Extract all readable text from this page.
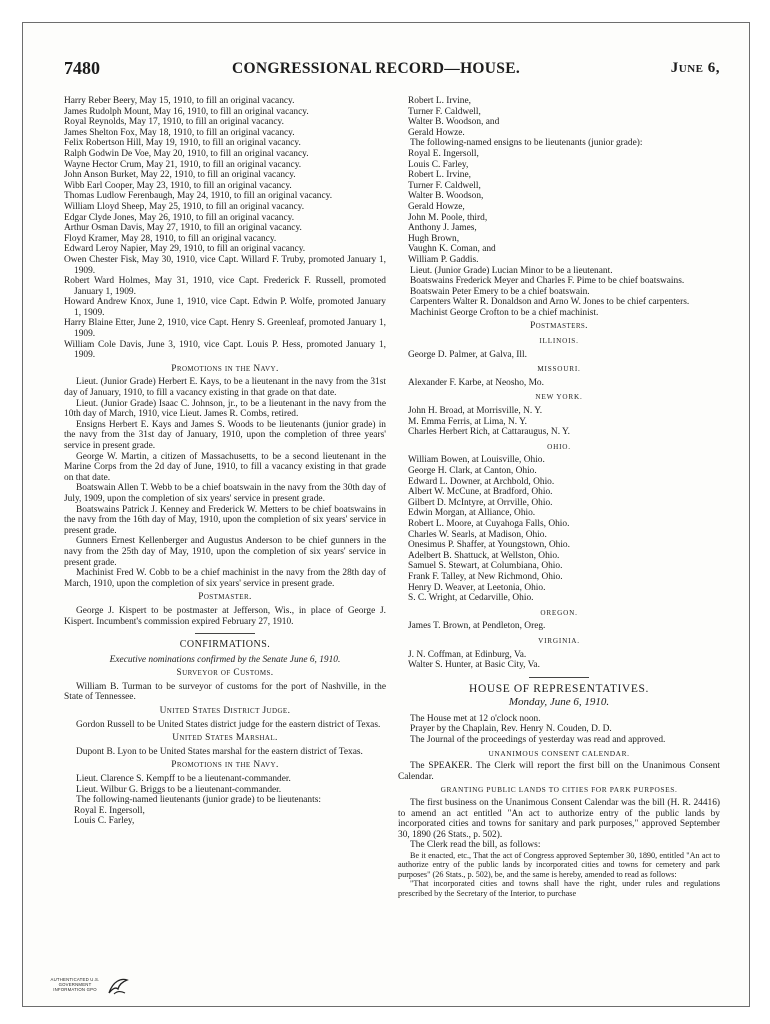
7480	CONGRESSIONAL RECORD—HOUSE.	June 6,

Harry Reber Beery, May 15, 1910, to fill an original vacancy.

James Rudolph Mount, May 16, 1910, to fill an original vacancy.

Royal Reynolds, May 17, 1910, to fill an original vacancy.

James Shelton Fox, May 18, 1910, to fill an original vacancy.

Felix Robertson Hill, May 19, 1910, to fill an original vacancy.

Ralph Godwin De Voe, May 20, 1910, to fill an original vacancy.

Wayne Hector Crum, May 21, 1910, to fill an original vacancy.

John Anson Burket, May 22, 1910, to fill an original vacancy.

Wibb Earl Cooper, May 23, 1910, to fill an original vacancy.

Thomas Ludlow Ferenbaugh, May 24, 1910, to fill an original vacancy.

William Lloyd Sheep, May 25, 1910, to fill an original vacancy.

Edgar Clyde Jones, May 26, 1910, to fill an original vacancy.

Arthur Osman Davis, May 27, 1910, to fill an original vacancy.

Floyd Kramer, May 28, 1910, to fill an original vacancy.

Edward Leroy Napier, May 29, 1910, to fill an original vacancy.

Owen Chester Fisk, May 30, 1910, vice Capt. Willard F. Truby, promoted January 1, 1909.

Robert Ward Holmes, May 31, 1910, vice Capt. Frederick F. Russell, promoted January 1, 1909.

Howard Andrew Knox, June 1, 1910, vice Capt. Edwin P. Wolfe, promoted January 1, 1909.

Harry Blaine Etter, June 2, 1910, vice Capt. Henry S. Greenleaf, promoted January 1, 1909.

William Cole Davis, June 3, 1910, vice Capt. Louis P. Hess, promoted January 1, 1909.

Promotions in the Navy.

Lieut. (Junior Grade) Herbert E. Kays, to be a lieutenant in the navy from the 31st day of January, 1910, to fill a vacancy existing in that grade on that date.

Lieut. (Junior Grade) Isaac C. Johnson, jr., to be a lieutenant in the navy from the 10th day of March, 1910, vice Lieut. James R. Combs, retired.

Ensigns Herbert E. Kays and James S. Woods to be lieutenants (junior grade) in the navy from the 31st day of January, 1910, upon the completion of three years' service in present grade.

George W. Martin, a citizen of Massachusetts, to be a second lieutenant in the Marine Corps from the 2d day of June, 1910, to fill a vacancy existing in that grade on that date.

Boatswain Allen T. Webb to be a chief boatswain in the navy from the 30th day of July, 1909, upon the completion of six years' service in present grade.

Boatswains Patrick J. Kenney and Frederick W. Metters to be chief boatswains in the navy from the 16th day of May, 1910, upon the completion of six years' service in present grade.

Gunners Ernest Kellenberger and Augustus Anderson to be chief gunners in the navy from the 25th day of May, 1910, upon the completion of six years' service in present grade.

Machinist Fred W. Cobb to be a chief machinist in the navy from the 28th day of March, 1910, upon the completion of six years' service in present grade.

Postmaster.

George J. Kispert to be postmaster at Jefferson, Wis., in place of George J. Kispert. Incumbent's commission expired February 27, 1910.

CONFIRMATIONS.

Executive nominations confirmed by the Senate June 6, 1910.

Surveyor of Customs.

William B. Turman to be surveyor of customs for the port of Nashville, in the State of Tennessee.

United States District Judge.

Gordon Russell to be United States district judge for the eastern district of Texas.

United States Marshal.

Dupont B. Lyon to be United States marshal for the eastern district of Texas.

Promotions in the Navy.

Lieut. Clarence S. Kempff to be a lieutenant-commander.

Lieut. Wilbur G. Briggs to be a lieutenant-commander.

The following-named lieutenants (junior grade) to be lieutenants:

Royal E. Ingersoll,

Louis C. Farley,

Robert L. Irvine,

Turner F. Caldwell,

Walter B. Woodson, and

Gerald Howze.

The following-named ensigns to be lieutenants (junior grade):

Royal E. Ingersoll,

Louis C. Farley,

Robert L. Irvine,

Turner F. Caldwell,

Walter B. Woodson,

Gerald Howze,

John M. Poole, third,

Anthony J. James,

Hugh Brown,

Vaughn K. Coman, and

William P. Gaddis.

Lieut. (Junior Grade) Lucian Minor to be a lieutenant.

Boatswains Frederick Meyer and Charles F. Pime to be chief boatswains.

Boatswain Peter Emery to be a chief boatswain.

Carpenters Walter R. Donaldson and Arno W. Jones to be chief carpenters.

Machinist George Crofton to be a chief machinist.

Postmasters.

ILLINOIS.

George D. Palmer, at Galva, Ill.

MISSOURI.

Alexander F. Karbe, at Neosho, Mo.

NEW YORK.

John H. Broad, at Morrisville, N. Y.

M. Emma Ferris, at Lima, N. Y.

Charles Herbert Rich, at Cattaraugus, N. Y.

OHIO.

William Bowen, at Louisville, Ohio.

George H. Clark, at Canton, Ohio.

Edward L. Downer, at Archbold, Ohio.

Albert W. McCune, at Bradford, Ohio.

Gilbert D. McIntyre, at Orrville, Ohio.

Edwin Morgan, at Alliance, Ohio.

Robert L. Moore, at Cuyahoga Falls, Ohio.

Charles W. Searls, at Madison, Ohio.

Onesimus P. Shaffer, at Youngstown, Ohio.

Adelbert B. Shattuck, at Wellston, Ohio.

Samuel S. Stewart, at Columbiana, Ohio.

Frank F. Talley, at New Richmond, Ohio.

Henry D. Weaver, at Leetonia, Ohio.

S. C. Wright, at Cedarville, Ohio.

OREGON.

James T. Brown, at Pendleton, Oreg.

VIRGINIA.

J. N. Coffman, at Edinburg, Va.

Walter S. Hunter, at Basic City, Va.

HOUSE OF REPRESENTATIVES.

Monday, June 6, 1910.

The House met at 12 o'clock noon.

Prayer by the Chaplain, Rev. Henry N. Couden, D. D.

The Journal of the proceedings of yesterday was read and approved.

UNANIMOUS CONSENT CALENDAR.

The SPEAKER. The Clerk will report the first bill on the Unanimous Consent Calendar.

GRANTING PUBLIC LANDS TO CITIES FOR PARK PURPOSES.

The first business on the Unanimous Consent Calendar was the bill (H. R. 24416) to amend an act entitled "An act to authorize entry of the public lands by incorporated cities and towns for sanitary and park purposes," approved September 30, 1890 (26 Stats., p. 502).

The Clerk read the bill, as follows:

Be it enacted, etc., That the act of Congress approved September 30, 1890, entitled "An act to authorize entry of the public lands by incorporated cities and towns for cemetery and park purposes" (26 Stats., p. 502), be, and the same is hereby, amended to read as follows:

"That incorporated cities and towns shall have the right, under rules and regulations prescribed by the Secretary of the Interior, to purchase

AUTHENTICATED U.S. GOVERNMENT INFORMATION GPO
